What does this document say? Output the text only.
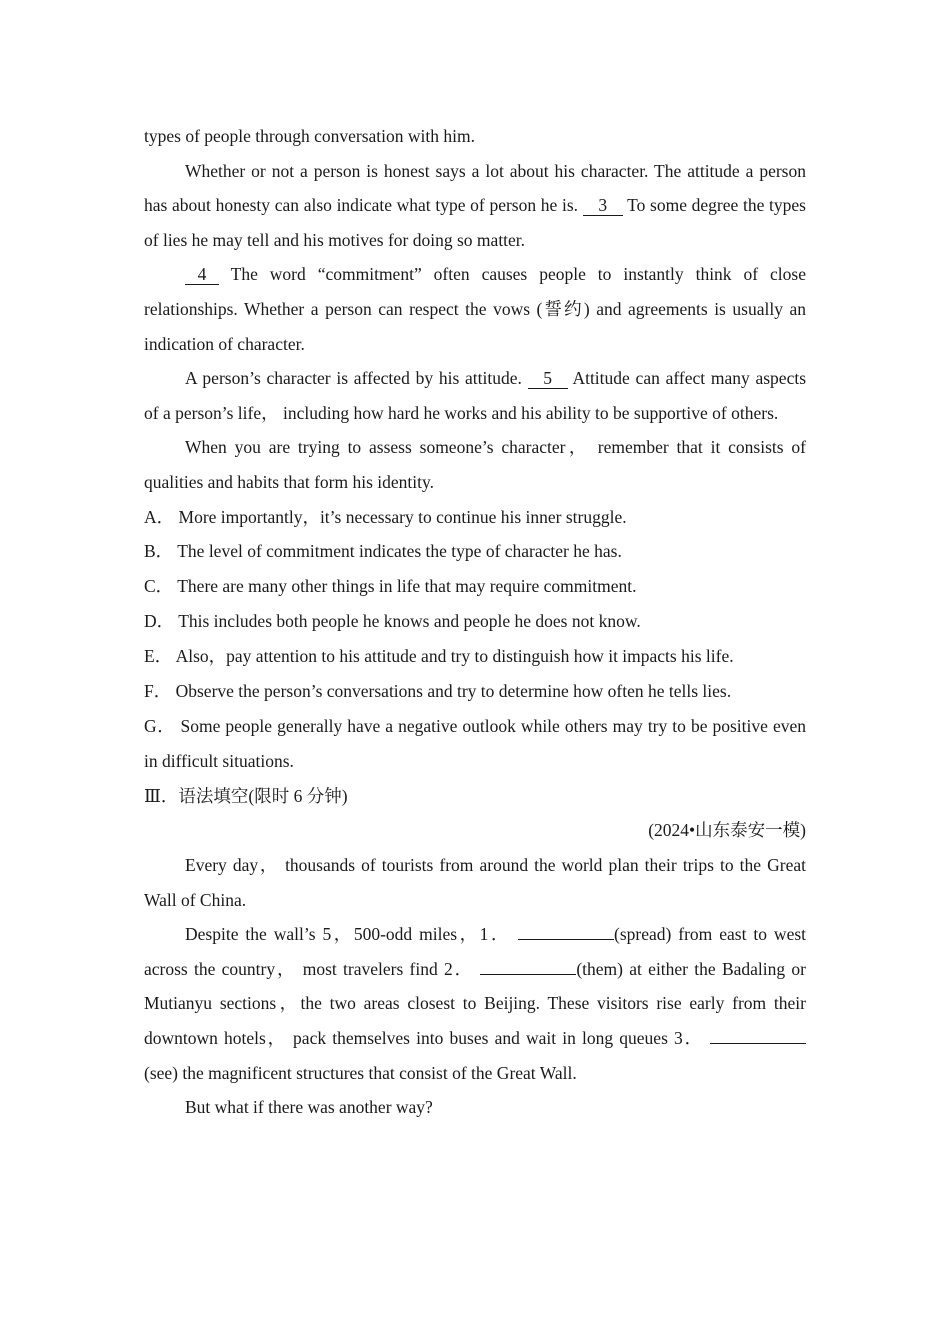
types of people through conversation with him.

Whether or not a person is honest says a lot about his character. The attitude a person has about honesty can also indicate what type of person he is. 3 To some degree the types of lies he may tell and his motives for doing so matter.

4 The word “commitment” often causes people to instantly think of close relationships. Whether a person can respect the vows (誓约) and agreements is usually an indication of character.

A person’s character is affected by his attitude. 5 Attitude can affect many aspects of a person’s life， including how hard he works and his ability to be supportive of others.

When you are trying to assess someone’s character， remember that it consists of qualities and habits that form his identity.

A． More importantly，it’s necessary to continue his inner struggle.

B． The level of commitment indicates the type of character he has.

C． There are many other things in life that may require commitment.

D． This includes both people he knows and people he does not know.

E． Also，pay attention to his attitude and try to distinguish how it impacts his life.

F． Observe the person’s conversations and try to determine how often he tells lies.

G． Some people generally have a negative outlook while others may try to be positive even in difficult situations.

Ⅲ．语法填空(限时 6 分钟)

(2024•山东泰安一模)

Every day， thousands of tourists from around the world plan their trips to the Great Wall of China.

Despite the wall’s 5，500-odd miles，1．	(spread) from east to west across the country， most travelers find 2．	(them) at either the Badaling or Mutianyu sections，the two areas closest to Beijing. These visitors rise early from their downtown hotels， pack themselves into buses and wait in long queues 3． (see) the magnificent structures that consist of the Great Wall.

But what if there was another way?
